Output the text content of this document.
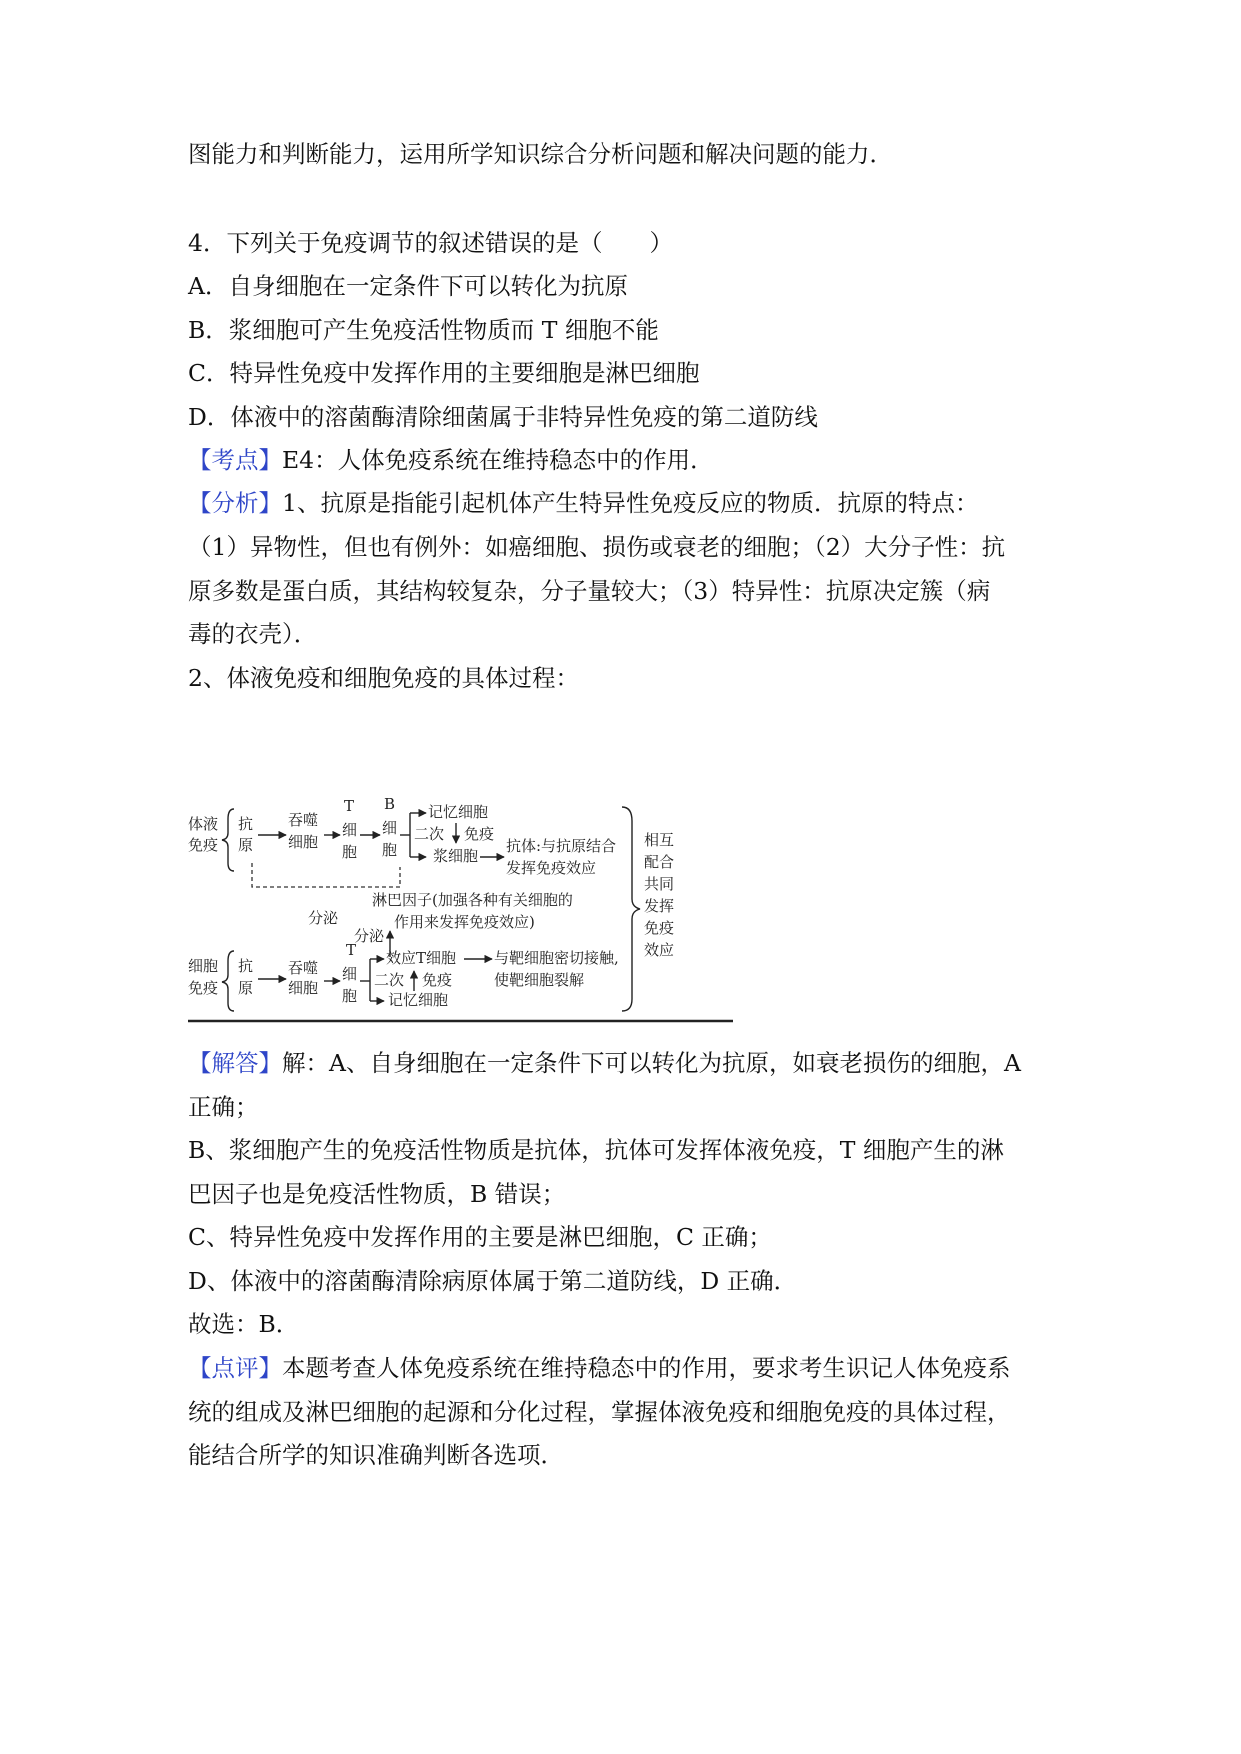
图能力和判断能力，运用所学知识综合分析问题和解决问题的能力．
4．下列关于免疫调节的叙述错误的是（　　）
A．自身细胞在一定条件下可以转化为抗原
B．浆细胞可产生免疫活性物质而 T 细胞不能
C．特异性免疫中发挥作用的主要细胞是淋巴细胞
D．体液中的溶菌酶清除细菌属于非特异性免疫的第二道防线
【考点】E4：人体免疫系统在维持稳态中的作用．
【分析】1、抗原是指能引起机体产生特异性免疫反应的物质．抗原的特点：
（1）异物性，但也有例外：如癌细胞、损伤或衰老的细胞；（2）大分子性：抗
原多数是蛋白质，其结构较复杂，分子量较大；（3）特异性：抗原决定簇（病
毒的衣壳）．
2、体液免疫和细胞免疫的具体过程：
体液
免疫
抗
原
吞噬
细胞
T
细
胞
B
细
胞
记忆细胞
二次 免疫
浆细胞
抗体:与抗原结合
发挥免疫效应
相互
配合
共同
发挥
免疫
效应
淋巴因子(加强各种有关细胞的
作用来发挥免疫效应)
分泌
分泌
细胞
免疫
抗
原
吞噬
细胞
T
细
胞
效应T细胞	与靶细胞密切接触,
使靶细胞裂解
二次 免疫
记忆细胞
【解答】解：A、自身细胞在一定条件下可以转化为抗原，如衰老损伤的细胞，A
正确；
B、浆细胞产生的免疫活性物质是抗体，抗体可发挥体液免疫，T 细胞产生的淋
巴因子也是免疫活性物质，B 错误；
C、特异性免疫中发挥作用的主要是淋巴细胞，C 正确；
D、体液中的溶菌酶清除病原体属于第二道防线，D 正确．
故选：B．
【点评】本题考查人体免疫系统在维持稳态中的作用，要求考生识记人体免疫系
统的组成及淋巴细胞的起源和分化过程，掌握体液免疫和细胞免疫的具体过程，
能结合所学的知识准确判断各选项．
